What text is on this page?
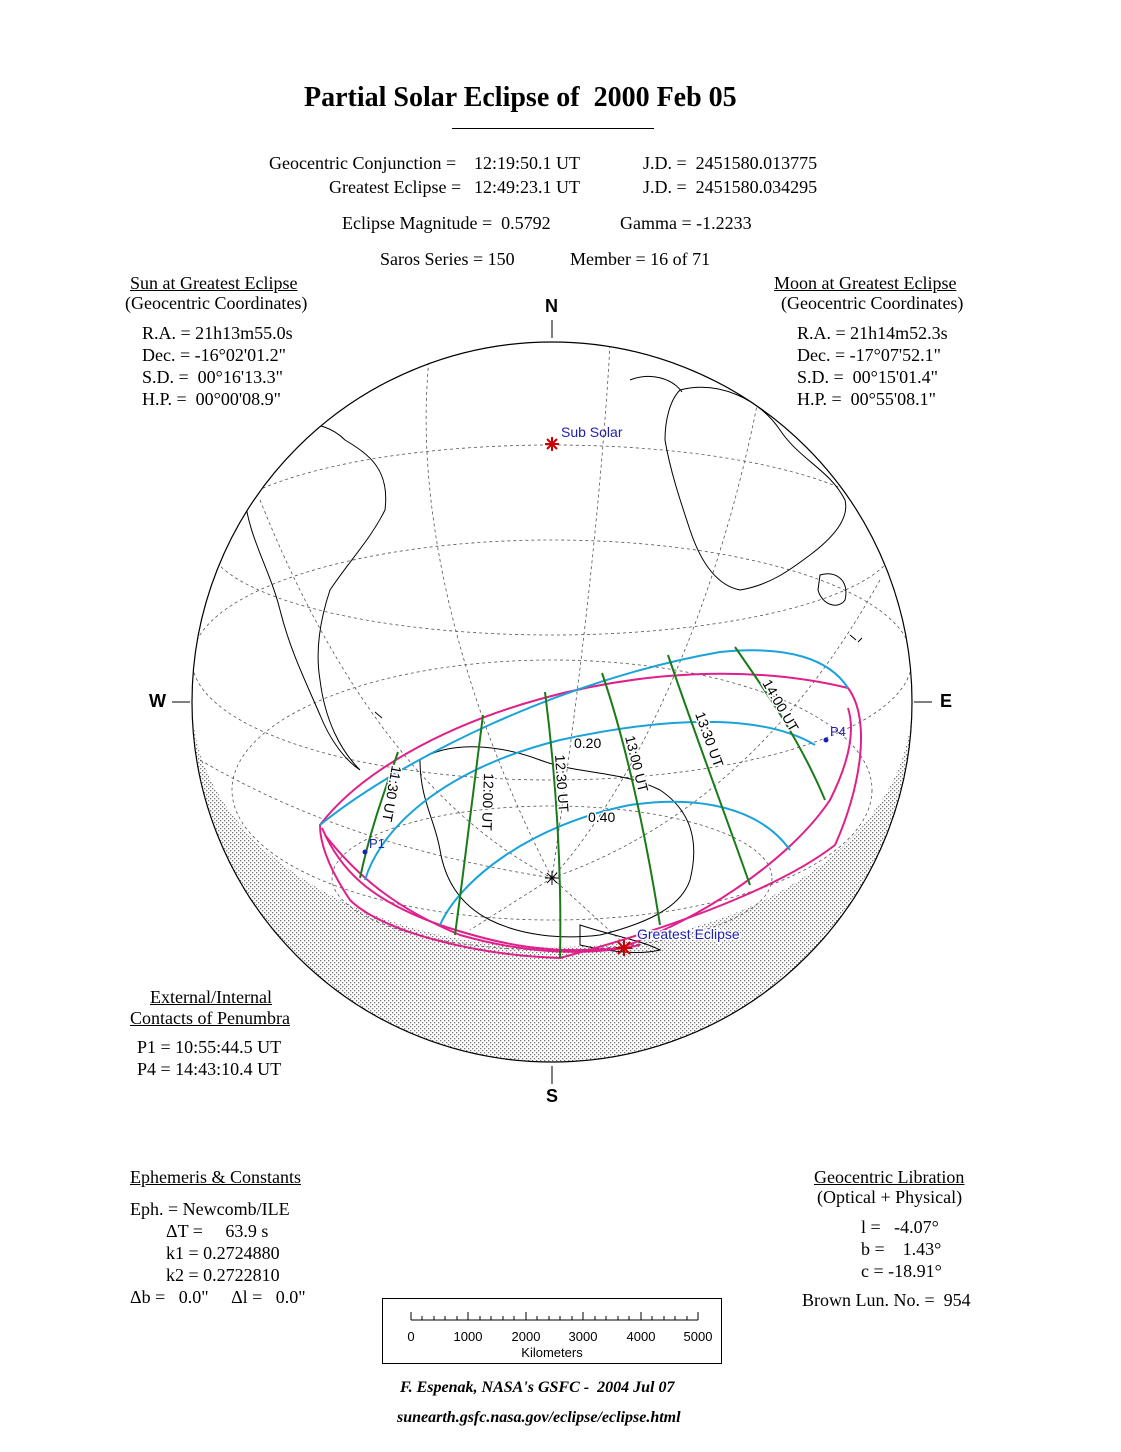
Partial Solar Eclipse of  2000 Feb 05
Geocentric Conjunction = 12:19:50.1 UT	J.D. =  2451580.013775
Greatest Eclipse = 12:49:23.1 UT	J.D. =  2451580.034295
Eclipse Magnitude =  0.5792	Gamma = -1.2233
Saros Series = 150	Member = 16 of 71
Sun at Greatest Eclipse
(Geocentric Coordinates)
R.A. = 21h13m55.0s
Dec. = -16°02'01.2"
S.D. =  00°16'13.3"
H.P. =  00°00'08.9"
Moon at Greatest Eclipse
(Geocentric Coordinates)
R.A. = 21h14m52.3s
Dec. = -17°07'52.1"
S.D. =  00°15'01.4"
H.P. =  00°55'08.1"
Sub Solar
Greatest Eclipse
P1
P4
0.20
0.40
11:30 UT	12:00 UT	12:30 UT	13:00 UT	13:30 UT
14:00 UT
0	1000 2000 3000 4000 5000
Kilometers
N
S
W	E
External/Internal
Contacts of Penumbra
P1 = 10:55:44.5 UT
P4 = 14:43:10.4 UT
Ephemeris & Constants
Eph. = Newcomb/ILE
ΔT =     63.9 s
k1 = 0.2724880
k2 = 0.2722810
Δb =   0.0"     Δl =   0.0"
Geocentric Libration
(Optical + Physical)
l =   -4.07°
b =    1.43°
c = -18.91°
Brown Lun. No. =  954
F. Espenak, NASA's GSFC -  2004 Jul 07
sunearth.gsfc.nasa.gov/eclipse/eclipse.html
